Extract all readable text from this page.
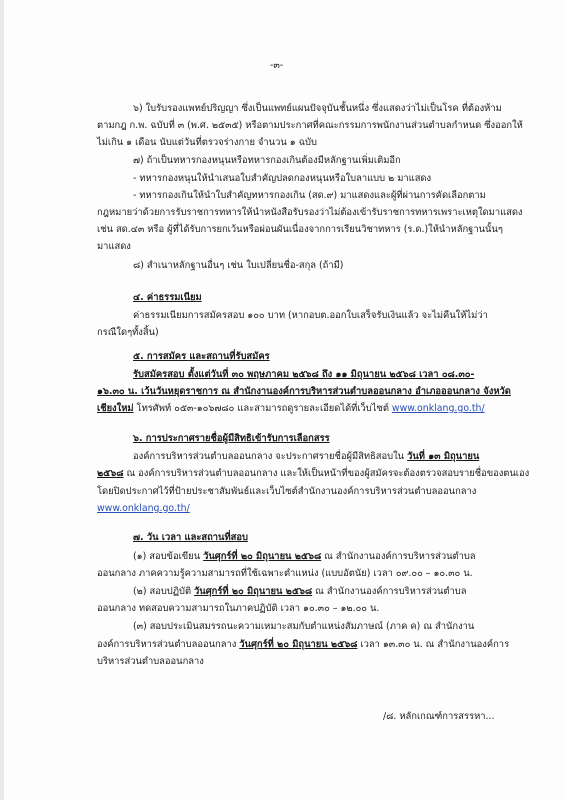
-๓-
๖) ใบรับรองแพทย์ปริญญา ซึ่งเป็นแพทย์แผนปัจจุบันชั้นหนึ่ง ซึ่งแสดงว่าไม่เป็นโรค ที่ต้องห้าม
ตามกฎ ก.พ. ฉบับที่ ๓ (พ.ศ. ๒๕๓๕) หรือตามประกาศที่คณะกรรมการพนักงานส่วนตำบลกำหนด ซึ่งออกให้
ไม่เกิน ๑ เดือน นับแต่วันที่ตรวจร่างกาย จำนวน ๑ ฉบับ
๗) ถ้าเป็นทหารกองหนุนหรือทหารกองเกินต้องมีหลักฐานเพิ่มเติมอีก
- ทหารกองหนุนให้นำเสนอใบสำคัญปลดกองหนุนหรือใบลาแบบ ๒ มาแสดง
- ทหารกองเกินให้นำใบสำคัญทหารกองเกิน (สด.๙) มาแสดงและผู้ที่ผ่านการคัดเลือกตาม
กฎหมายว่าด้วยการรับราชการทหารให้นำหนังสือรับรองว่าไม่ต้องเข้ารับราชการทหารเพราะเหตุใดมาแสดง
เช่น สด.๔๓ หรือ ผู้ที่ได้รับการยกเว้นหรือผ่อนผันเนื่องจากการเรียนวิชาทหาร (ร.ด.)ให้นำหลักฐานนั้นๆ
มาแสดง
๘) สำเนาหลักฐานอื่นๆ เช่น ใบเปลี่ยนชื่อ-สกุล (ถ้ามี)
๔. ค่าธรรมเนียม
ค่าธรรมเนียมการสมัครสอบ ๑๐๐ บาท (หากอบต.ออกใบเสร็จรับเงินแล้ว จะไม่คืนให้ไม่ว่า
กรณีใดๆทั้งสิ้น)
๕. การสมัคร และสถานที่รับสมัคร
รับสมัครสอบ ตั้งแต่วันที่ ๓๐ พฤษภาคม ๒๕๖๘ ถึง ๑๑ มิถุนายน ๒๕๖๘ เวลา ๐๘.๓๐-
๑๖.๓๐ น. เว้นวันหยุดราชการ ณ สำนักงานองค์การบริหารส่วนตำบลออนกลาง อำเภอออนกลาง จังหวัด
เชียงใหม่ โทรศัพท์ ๐๕๓-๑๐๖๗๘๐ และสามารถดูรายละเอียดได้ที่เว็บไซต์ www.onklang.go.th/
๖. การประกาศรายชื่อผู้มีสิทธิเข้ารับการเลือกสรร
องค์การบริหารส่วนตำบลออนกลาง จะประกาศรายชื่อผู้มีสิทธิสอบใน วันที่ ๑๓ มิถุนายน
๒๕๖๘ ณ องค์การบริหารส่วนตำบลออนกลาง และให้เป็นหน้าที่ของผู้สมัครจะต้องตรวจสอบรายชื่อของตนเอง
โดยปิดประกาศไว้ที่ป้ายประชาสัมพันธ์และเว็บไซต์สำนักงานองค์การบริหารส่วนตำบลออนกลาง
www.onklang.go.th/
๗. วัน เวลา และสถานที่สอบ
(๑) สอบข้อเขียน วันศุกร์ที่ ๒๐ มิถุนายน ๒๕๖๘ ณ สำนักงานองค์การบริหารส่วนตำบล
ออนกลาง ภาคความรู้ความสามารถที่ใช้เฉพาะตำแหน่ง (แบบอัตนัย) เวลา ๐๙.๐๐ – ๑๐.๓๐ น.
(๒) สอบปฏิบัติ วันศุกร์ที่ ๒๐ มิถุนายน ๒๕๖๘ ณ สำนักงานองค์การบริหารส่วนตำบล
ออนกลาง ทดสอบความสามารถในภาคปฏิบัติ เวลา ๑๐.๓๐ – ๑๒.๐๐ น.
(๓) สอบประเมินสมรรถนะความเหมาะสมกับตำแหน่งสัมภาษณ์ (ภาค ค) ณ สำนักงาน
องค์การบริหารส่วนตำบลออนกลาง วันศุกร์ที่ ๒๐ มิถุนายน ๒๕๖๘ เวลา ๑๓.๓๐ น. ณ สำนักงานองค์การ
บริหารส่วนตำบลออนกลาง
/๘. หลักเกณฑ์การสรรหา...
